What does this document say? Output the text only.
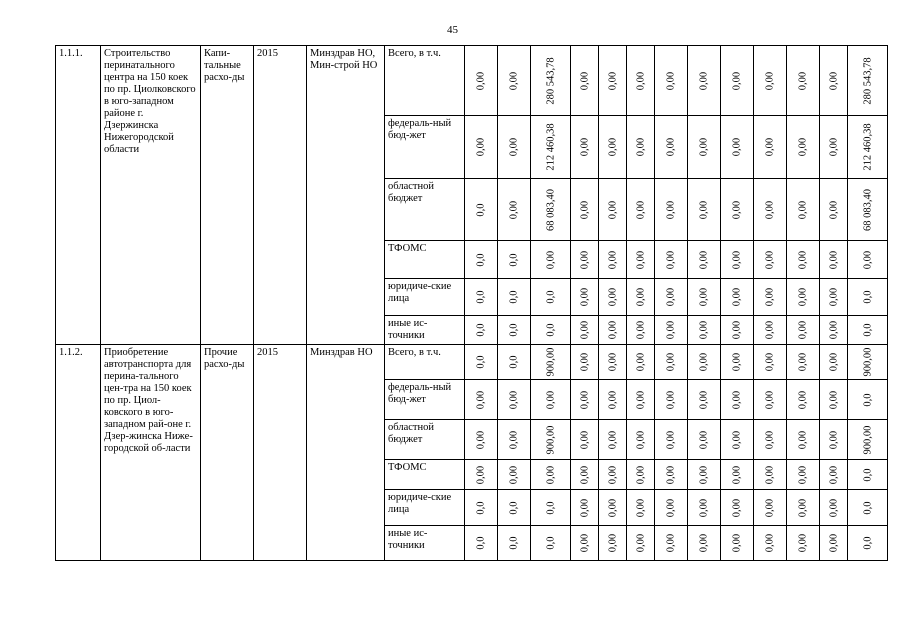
45
1.1.1.	Строительство перинатального центра на 150 коек по пр. Циолковского в юго-западном районе г. Дзержинска Нижегородской области	Капи-тальные расхо-ды	2015	Минздрав НО, Мин-строй НО	Всего, в т.ч.	0,00	0,00	280 543,78	0,00	0,00	0,00	0,00	0,00	0,00	0,00	0,00	0,00	280 543,78

					федераль-ный бюд-жет	0,00	0,00	212 460,38	0,00	0,00	0,00	0,00	0,00	0,00	0,00	0,00	0,00	212 460,38

					областной бюджет	0,0	0,00	68 083,40	0,00	0,00	0,00	0,00	0,00	0,00	0,00	0,00	0,00	68 083,40

					ТФОМС	0,0	0,0	0,00	0,00	0,00	0,00	0,00	0,00	0,00	0,00	0,00	0,00	0,00

					юридиче-ские лица	0,0	0,0	0,0	0,00	0,00	0,00	0,00	0,00	0,00	0,00	0,00	0,00	0,0

					иные ис-точники	0,0	0,0	0,0	0,00	0,00	0,00	0,00	0,00	0,00	0,00	0,00	0,00	0,0

1.1.2.	Приобретение автотранспорта для перина-тального цен-тра на 150 коек по пр. Циол-ковского в юго-западном рай-оне г. Дзер-жинска Ниже-городской об-ласти	Прочие расхо-ды	2015	Минздрав НО	Всего, в т.ч.	0,0	0,0	900,00	0,00	0,00	0,00	0,00	0,00	0,00	0,00	0,00	0,00	900,00

					федераль-ный бюд-жет	0,00	0,00	0,00	0,00	0,00	0,00	0,00	0,00	0,00	0,00	0,00	0,00	0,0

					областной бюджет	0,00	0,00	900,00	0,00	0,00	0,00	0,00	0,00	0,00	0,00	0,00	0,00	900,00

					ТФОМС	0,00	0,00	0,00	0,00	0,00	0,00	0,00	0,00	0,00	0,00	0,00	0,00	0,0

					юридиче-ские лица	0,0	0,0	0,0	0,00	0,00	0,00	0,00	0,00	0,00	0,00	0,00	0,00	0,0

					иные ис-точники	0,0	0,0	0,0	0,00	0,00	0,00	0,00	0,00	0,00	0,00	0,00	0,00	0,0
